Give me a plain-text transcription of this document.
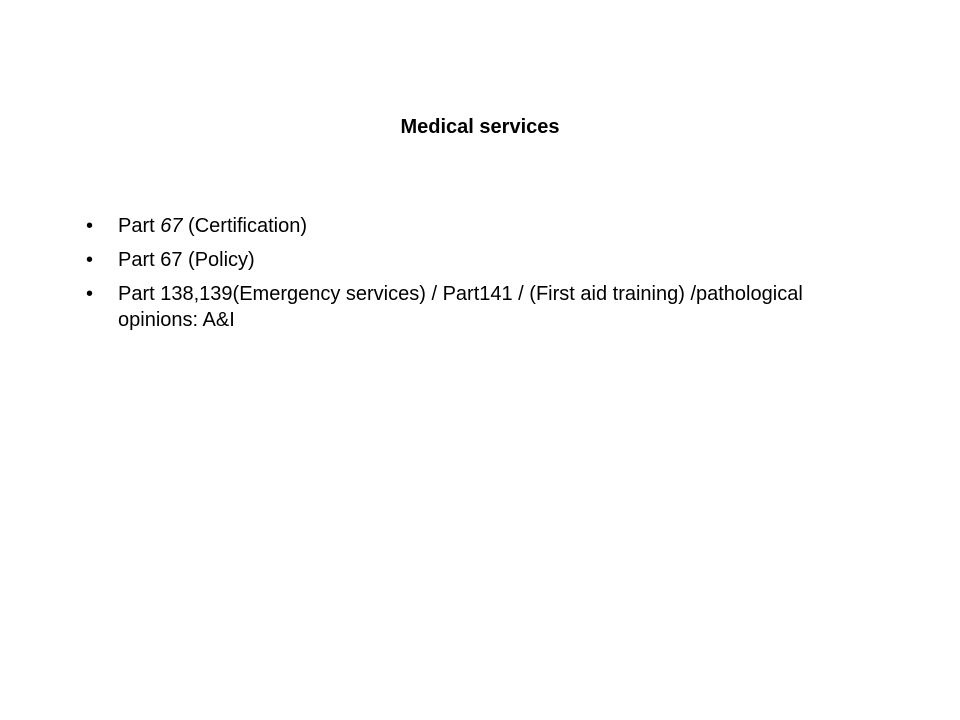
Medical services
• Part 67 (Certification)
• Part 67 (Policy)
• Part 138,139(Emergency services) / Part141 / (First aid training) /pathological opinions: A&I
